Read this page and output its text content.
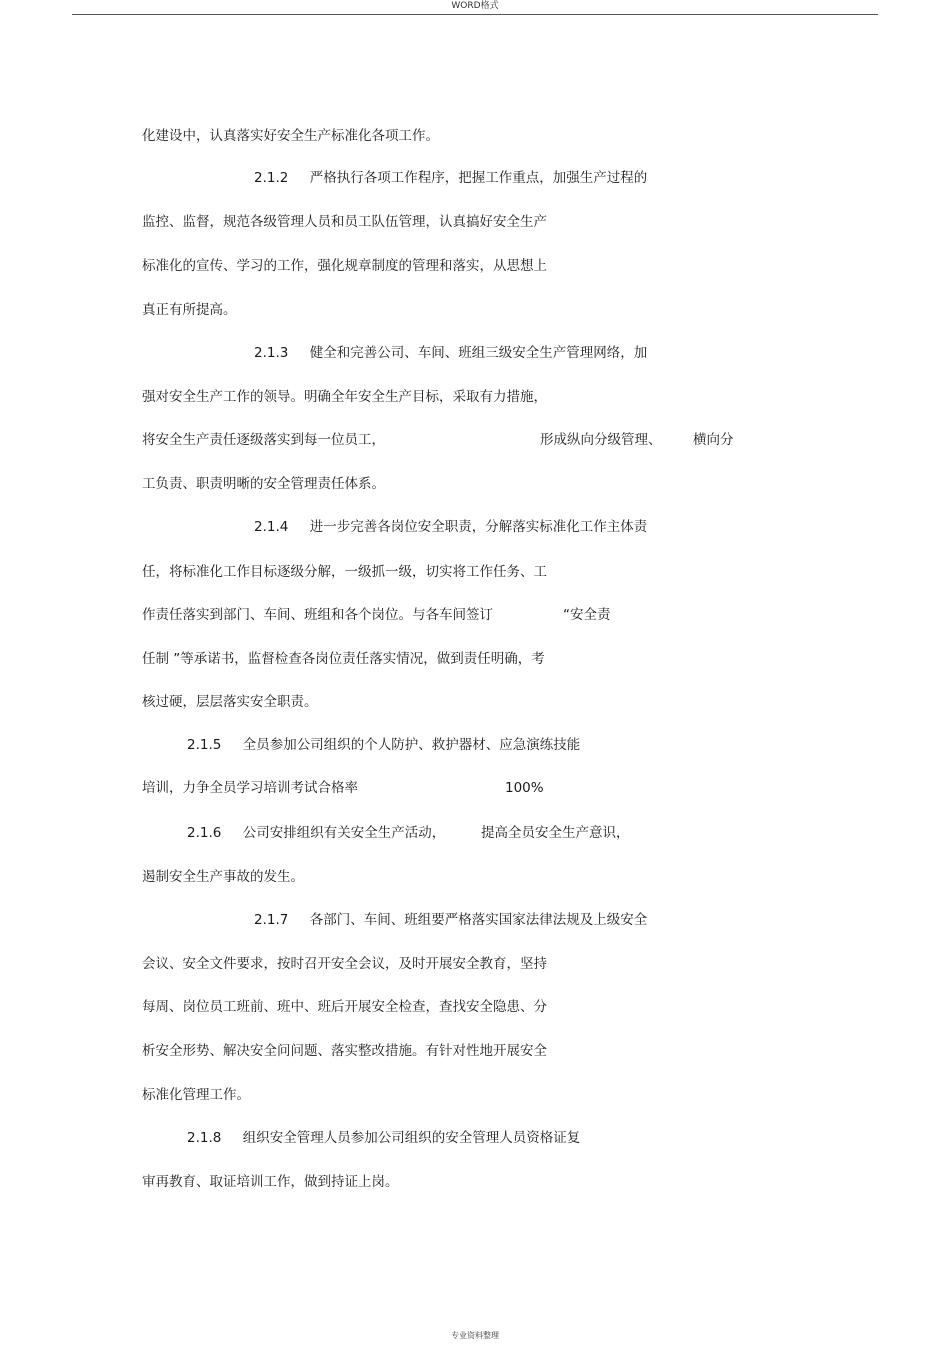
WORD格式
化建设中，认真落实好安全生产标准化各项工作。
2.1.2     严格执行各项工作程序，把握工作重点，加强生产过程的
监控、监督，规范各级管理人员和员工队伍管理，认真搞好安全生产
标准化的宣传、学习的工作，强化规章制度的管理和落实，从思想上
真正有所提高。
2.1.3     健全和完善公司、车间、班组三级安全生产管理网络，加
强对安全生产工作的领导。明确全年安全生产目标，采取有力措施，
将安全生产责任逐级落实到每一位员工，	形成纵向分级管理、 横向分
工负责、职责明晰的安全管理责任体系。
2.1.4     进一步完善各岗位安全职责，分解落实标准化工作主体责
任，将标准化工作目标逐级分解，一级抓一级，切实将工作任务、工
作责任落实到部门、车间、班组和各个岗位。与各车间签订	“安全责
任制 ”等承诺书，监督检查各岗位责任落实情况，做到责任明确，考
核过硬，层层落实安全职责。
2.1.5     全员参加公司组织的个人防护、救护器材、应急演练技能
培训，力争全员学习培训考试合格率	100%
2.1.6     公司安排组织有关安全生产活动，	提高全员安全生产意识，
遏制安全生产事故的发生。
2.1.7     各部门、车间、班组要严格落实国家法律法规及上级安全
会议、安全文件要求，按时召开安全会议，及时开展安全教育，坚持
每周、岗位员工班前、班中、班后开展安全检查，查找安全隐患、分
析安全形势、解决安全问问题、落实整改措施。有针对性地开展安全
标准化管理工作。
2.1.8     组织安全管理人员参加公司组织的安全管理人员资格证复
审再教育、取证培训工作，做到持证上岗。
专业资料整理
